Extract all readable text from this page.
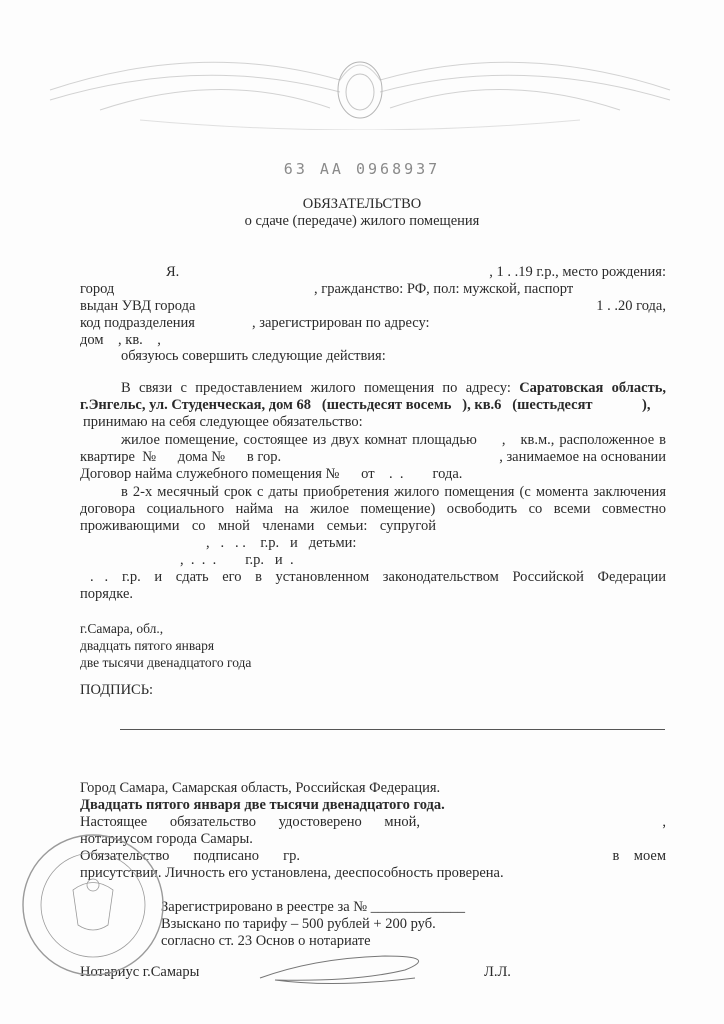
63 АА 0968937
ОБЯЗАТЕЛЬСТВО
о сдаче (передаче) жилого помещения
Я.	, 1 . .19 г.р., место рождения:
город	, гражданство: РФ, пол: мужской, паспорт
выдан УВД города	1 . .20 года,
код подразделения	, зарегистрирован по адресу:
дом    , кв.    ,
обязуюсь совершить следующие действия:
В связи с предоставлением жилого помещения по адресу: Саратовская область,
г.Энгельс, ул. Студенческая, дом 68 (шестьдесят восемь   ), кв.6 (шестьдесят	),
принимаю на себя следующее обязательство:
жилое помещение, состоящее из двух комнат площадью     ,   кв.м., расположенное в
квартире  №      дома №      в гор.	, занимаемое на основании
Договор найма служебного помещения №      от    .  .        года.
в 2-х месячный срок с даты приобретения жилого помещения (с момента заключения
договора социального найма на жилое помещение) освободить со всеми совместно
проживающими со мной членами семьи: супругой
,   .   . .    г.р.   и   детьми:
,  .  .  .        г.р.   и  .
.   . г.р. и сдать его в установленном законодательством Российской Федерации
порядке.
г.Самара, обл.,
двадцать пятого января
две тысячи двенадцатого года
ПОДПИСЬ:
Город Самара, Самарская область, Российская Федерация.
Двадцать пятого января две тысячи двенадцатого года.
Настоящее обязательство удостоверено мной,	,
нотариусом города Самары.
Обязательство подписано гр.	в    моем
присутствии. Личность его установлена, дееспособность проверена.
Зарегистрировано в реестре за № _____________
Взыскано по тарифу – 500 рублей + 200 руб.
согласно ст. 23 Основ о нотариате
Нотариус г.Самары	Л.Л.
